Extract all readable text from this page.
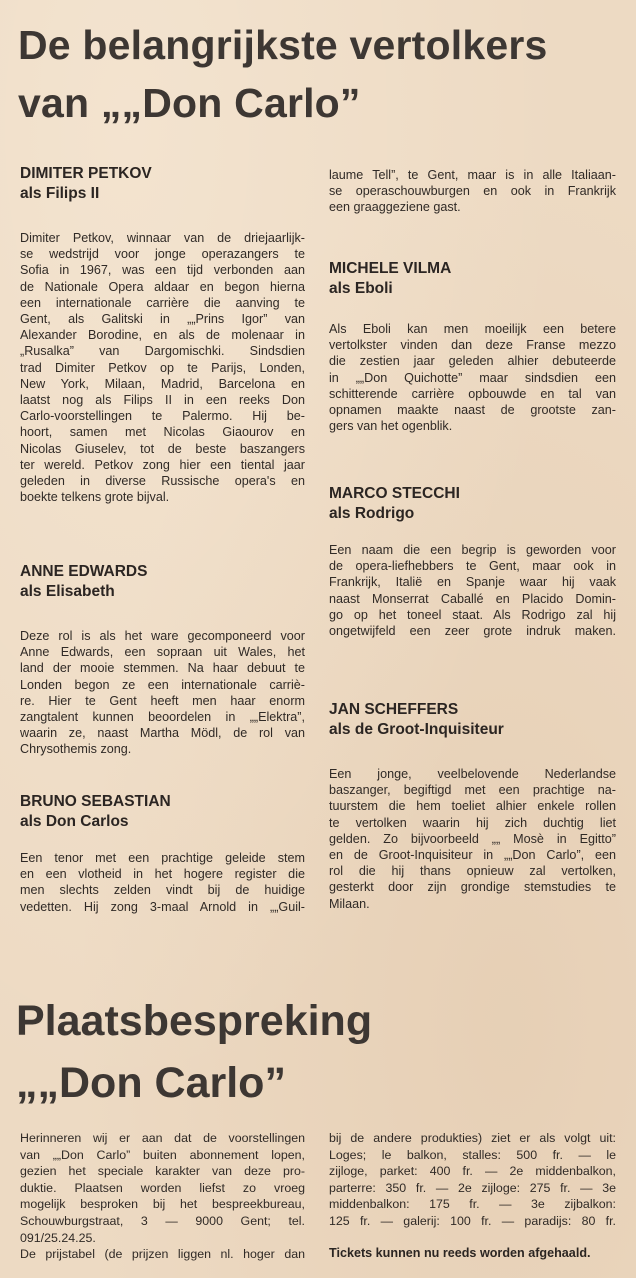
De belangrijkste vertolkers
van „„Don Carlo”
DIMITER PETKOV
als Filips II
Dimiter Petkov, winnaar van de driejaarlijk-
se wedstrijd voor jonge operazangers te
Sofia in 1967, was een tijd verbonden aan
de Nationale Opera aldaar en begon hierna
een internationale carrière die aanving te
Gent, als Galitski in „„Prins Igor” van
Alexander Borodine, en als de molenaar in
„Rusalka” van Dargomischki. Sindsdien
trad Dimiter Petkov op te Parijs, Londen,
New York, Milaan, Madrid, Barcelona en
laatst nog als Filips II in een reeks Don
Carlo-voorstellingen te Palermo. Hij be-
hoort, samen met Nicolas Giaourov en
Nicolas Giuselev, tot de beste baszangers
ter wereld. Petkov zong hier een tiental jaar
geleden in diverse Russische opera's en
boekte telkens grote bijval.
ANNE EDWARDS
als Elisabeth
Deze rol is als het ware gecomponeerd voor
Anne Edwards, een sopraan uit Wales, het
land der mooie stemmen. Na haar debuut te
Londen begon ze een internationale carriè-
re. Hier te Gent heeft men haar enorm
zangtalent kunnen beoordelen in „„Elektra”,
waarin ze, naast Martha Mödl, de rol van
Chrysothemis zong.
BRUNO SEBASTIAN
als Don Carlos
Een tenor met een prachtige geleide stem
en een vlotheid in het hogere register die
men slechts zelden vindt bij de huidige
vedetten. Hij zong 3-maal Arnold in „„Guil-
laume Tell”, te Gent, maar is in alle Italiaan-
se operaschouwburgen en ook in Frankrijk
een graaggeziene gast.
MICHELE VILMA
als Eboli
Als Eboli kan men moeilijk een betere
vertolkster vinden dan deze Franse mezzo
die zestien jaar geleden alhier debuteerde
in „„Don Quichotte” maar sindsdien een
schitterende carrière opbouwde en tal van
opnamen maakte naast de grootste zan-
gers van het ogenblik.
MARCO STECCHI
als Rodrigo
Een naam die een begrip is geworden voor
de opera-liefhebbers te Gent, maar ook in
Frankrijk, Italië en Spanje waar hij vaak
naast Monserrat Caballé en Placido Domin-
go op het toneel staat. Als Rodrigo zal hij
ongetwijfeld een zeer grote indruk maken.
JAN SCHEFFERS
als de Groot-Inquisiteur
Een jonge, veelbelovende Nederlandse
baszanger, begiftigd met een prachtige na-
tuurstem die hem toeliet alhier enkele rollen
te vertolken waarin hij zich duchtig liet
gelden. Zo bijvoorbeeld „„ Mosè in Egitto”
en de Groot-Inquisiteur in „„Don Carlo”, een
rol die hij thans opnieuw zal vertolken,
gesterkt door zijn grondige stemstudies te
Milaan.
Plaatsbespreking
„„Don Carlo”
Herinneren wij er aan dat de voorstellingen
van „„Don Carlo” buiten abonnement lopen,
gezien het speciale karakter van deze pro-
duktie. Plaatsen worden liefst zo vroeg
mogelijk besproken bij het bespreekbureau,
Schouwburgstraat, 3 — 9000 Gent; tel.
091/25.24.25.
De prijstabel (de prijzen liggen nl. hoger dan
bij de andere produkties) ziet er als volgt uit:
Loges; le balkon, stalles: 500 fr. — le
zijloge, parket: 400 fr. — 2e middenbalkon,
parterre: 350 fr. — 2e zijloge: 275 fr. — 3e
middenbalkon: 175 fr. — 3e zijbalkon:
125 fr. — galerij: 100 fr. — paradijs: 80 fr.
Tickets kunnen nu reeds worden afgehaald.
